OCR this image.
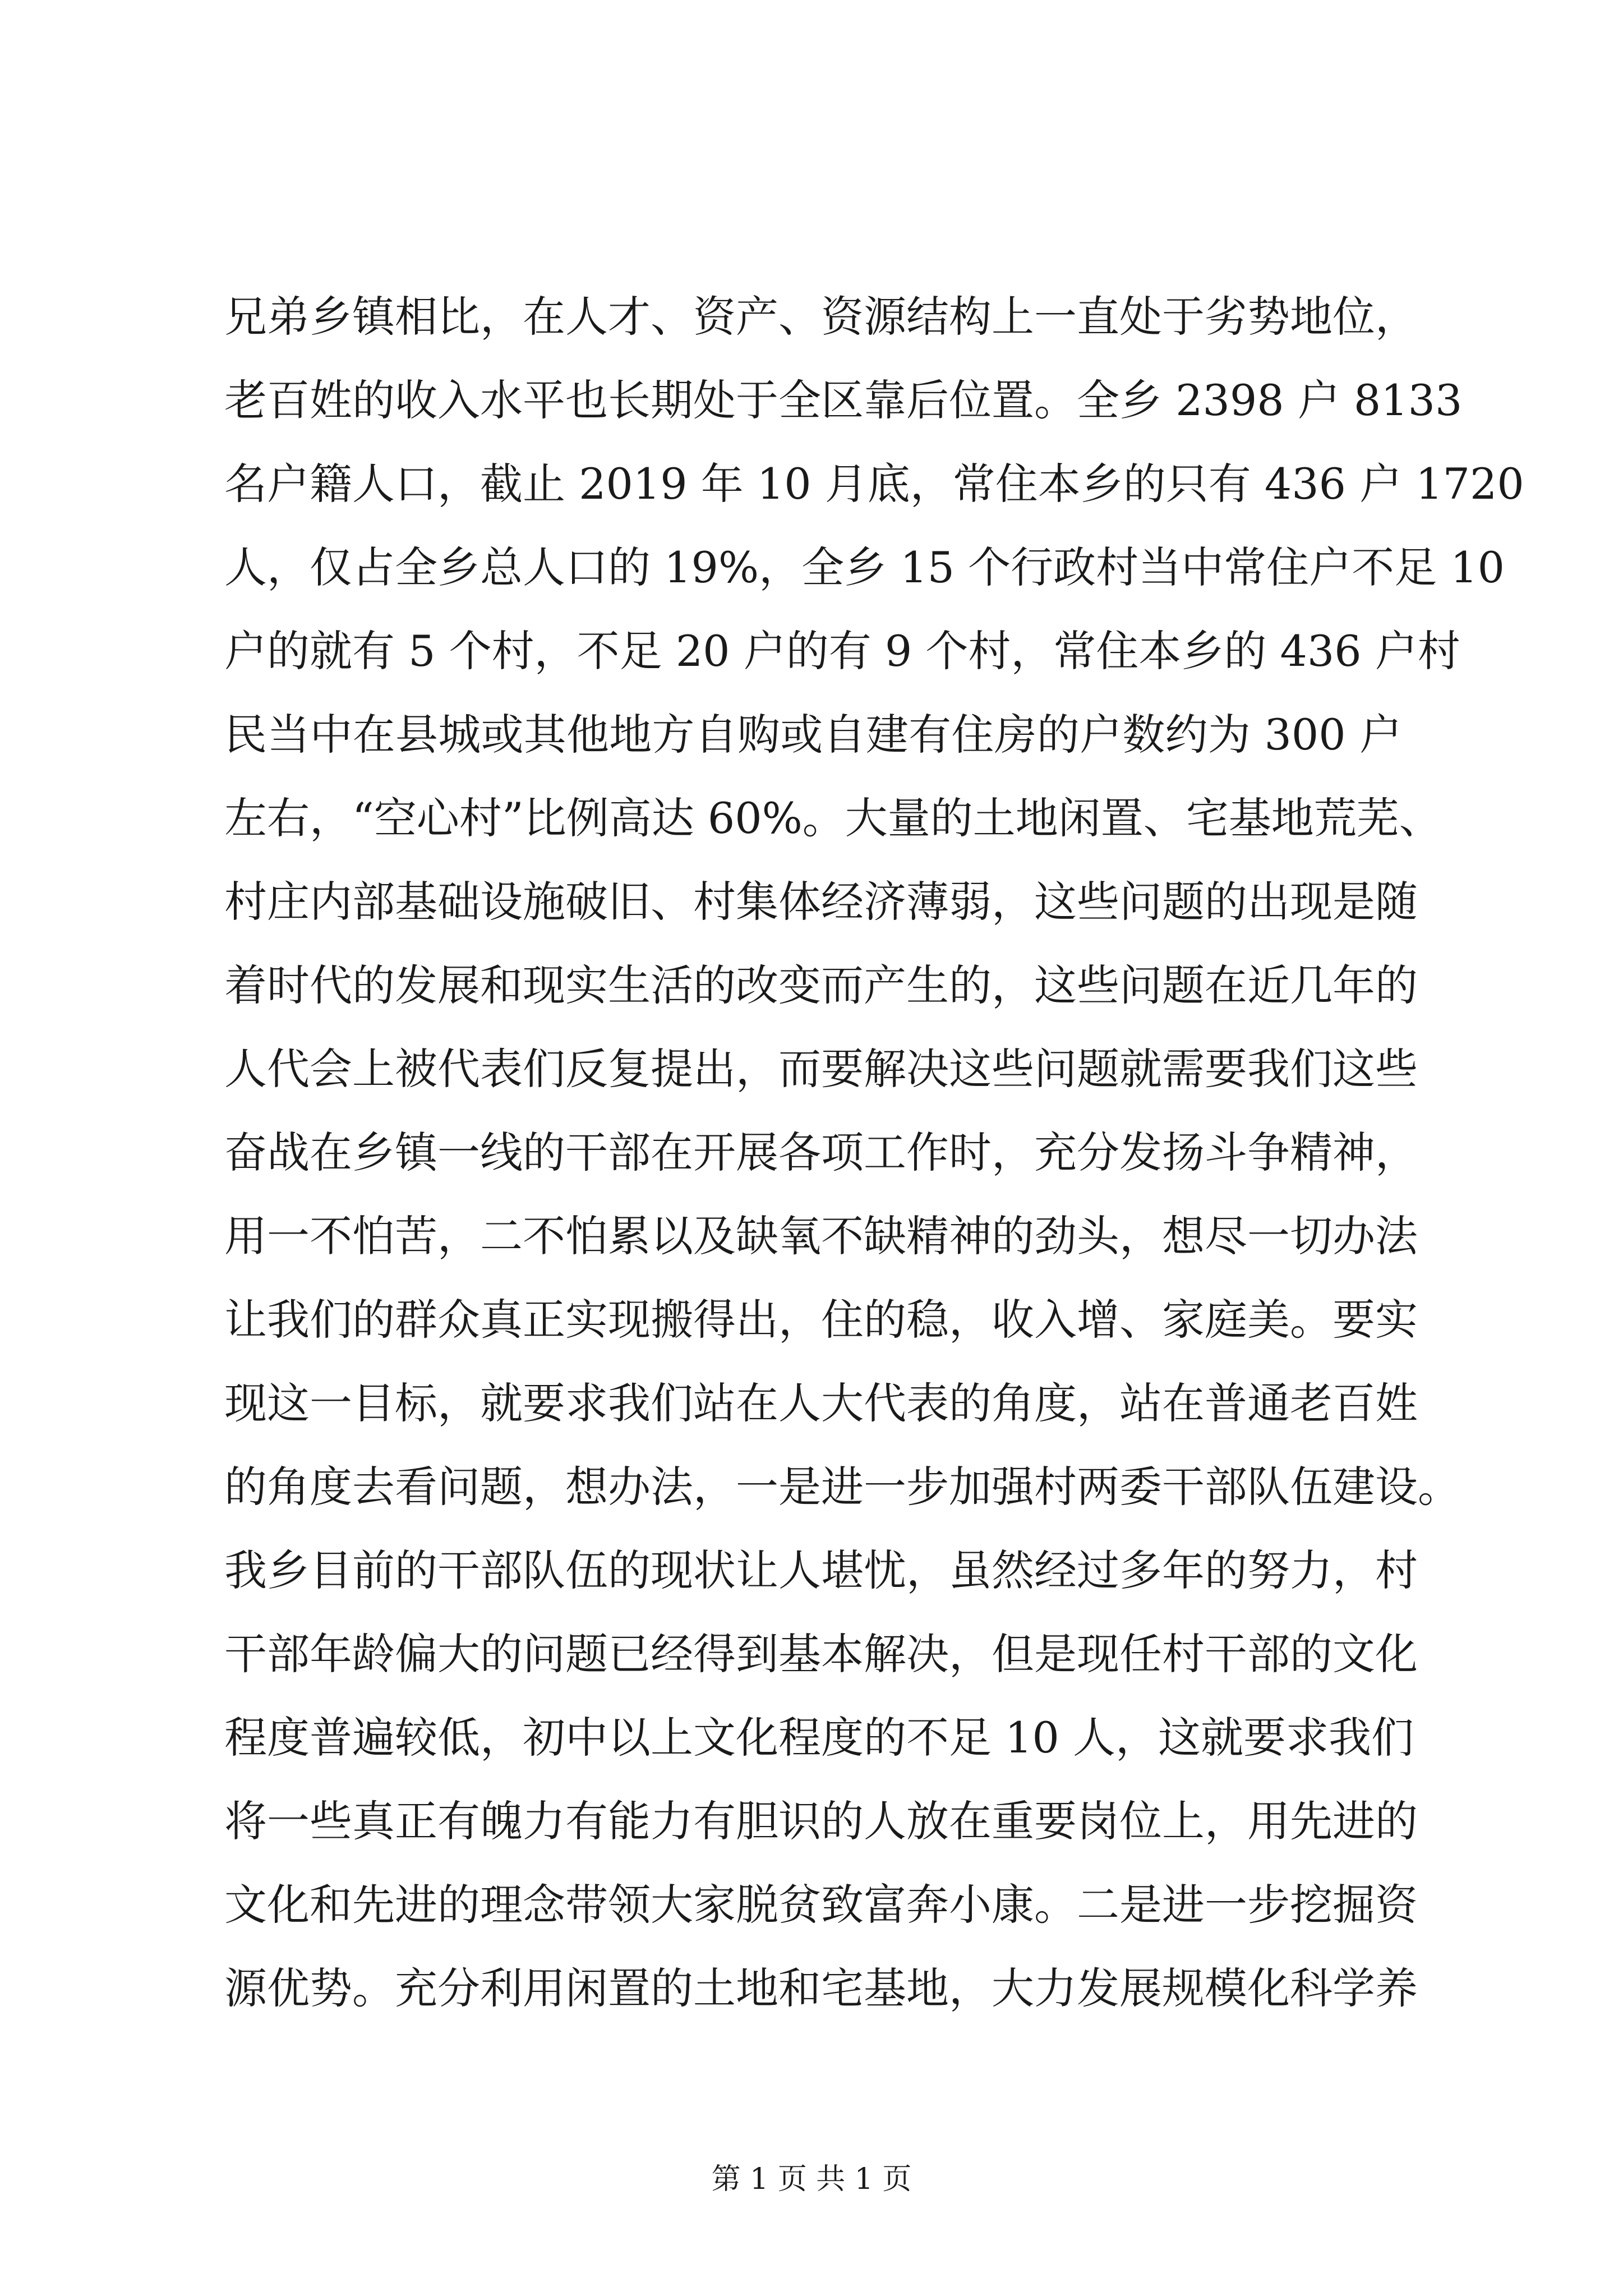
兄弟乡镇相比，在人才、资产、资源结构上一直处于劣势地位，
老百姓的收入水平也长期处于全区靠后位置。全乡 2398 户 8133
名户籍人口，截止 2019 年 10 月底，常住本乡的只有 436 户 1720
人，仅占全乡总人口的 19%，全乡 15 个行政村当中常住户不足 10
户的就有 5 个村，不足 20 户的有 9 个村，常住本乡的 436 户村
民当中在县城或其他地方自购或自建有住房的户数约为 300 户
左右，“空心村”比例高达 60%。大量的土地闲置、宅基地荒芜、
村庄内部基础设施破旧、村集体经济薄弱，这些问题的出现是随
着时代的发展和现实生活的改变而产生的，这些问题在近几年的
人代会上被代表们反复提出，而要解决这些问题就需要我们这些
奋战在乡镇一线的干部在开展各项工作时，充分发扬斗争精神，
用一不怕苦，二不怕累以及缺氧不缺精神的劲头，想尽一切办法
让我们的群众真正实现搬得出，住的稳，收入增、家庭美。要实
现这一目标，就要求我们站在人大代表的角度，站在普通老百姓
的角度去看问题，想办法，一是进一步加强村两委干部队伍建设。
我乡目前的干部队伍的现状让人堪忧，虽然经过多年的努力，村
干部年龄偏大的问题已经得到基本解决，但是现任村干部的文化
程度普遍较低，初中以上文化程度的不足 10 人，这就要求我们
将一些真正有魄力有能力有胆识的人放在重要岗位上，用先进的
文化和先进的理念带领大家脱贫致富奔小康。二是进一步挖掘资
源优势。充分利用闲置的土地和宅基地，大力发展规模化科学养
第 1 页 共 1 页
